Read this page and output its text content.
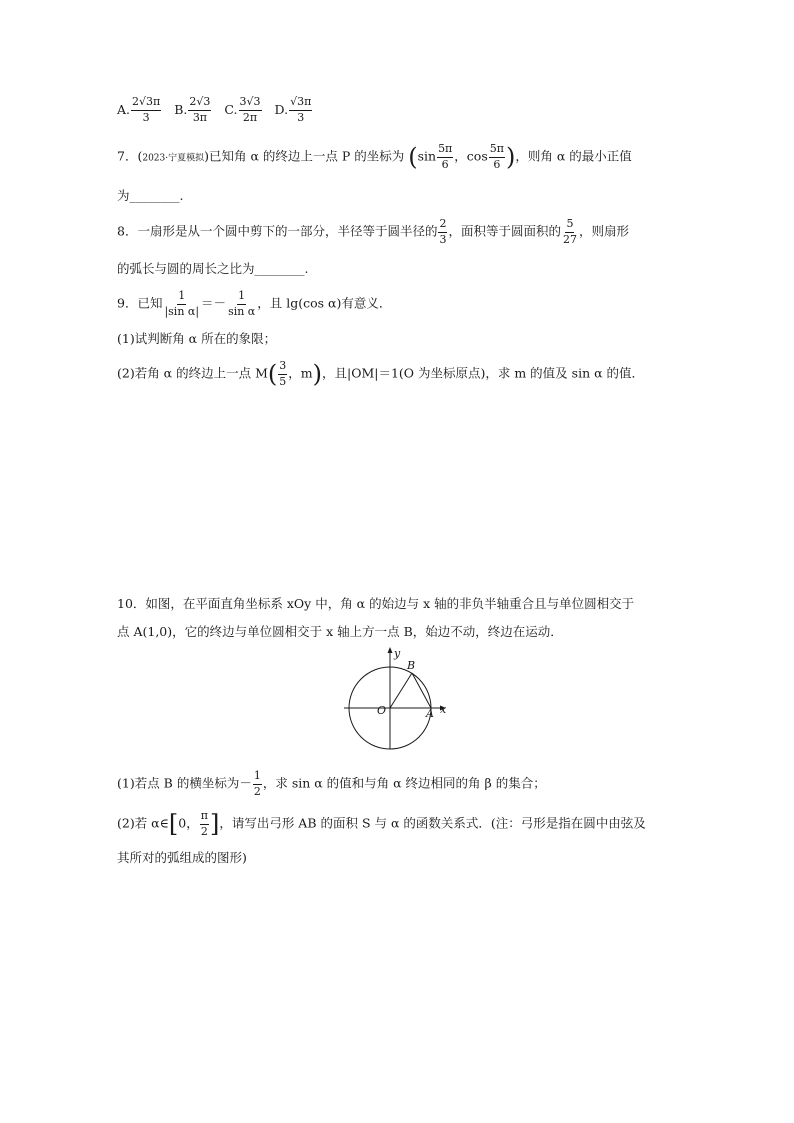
A. $\frac{2√3\pi}{3} B$. $\frac{2√3}{3\pi} C$. $\frac{3√3}{2\pi} D$. $\frac{√3\pi}{3}$
7．(2023·宁夏模拟)已知角 α 的终边上一点 P 的坐标为 ($\sin \frac{5\pi}{6}$ ，$\cos \frac{5\pi}{6}$ )，则角 α 的最小正值
为________.
8．一扇形是从一个圆中剪下的一部分，半径等于圆半径的 $\frac{2}{3}$ ，面积等于圆面积的 $\frac{5}{27}$ ，则扇形
的弧长与圆的周长之比为________.
9．已知 $\frac{1}{\text{|sin α|}} =- \frac{1}{\text{sin α}}$ ，且 lg(cos α)有意义．
(1)试判断角 α 所在的象限；
(2)若角 α 的终边上一点 $M( \frac{3}{5}$ ，m)，且|OM|＝1(O 为坐标原点)，求 m 的值及 sin α 的值．
10．如图，在平面直角坐标系 xOy 中，角 α 的始边与 x 轴的非负半轴重合且与单位圆相交于
点 A(1,0)，它的终边与单位圆相交于 x 轴上方一点 B，始边不动，终边在运动．
y
B
O	A x
(1)若点 B 的横坐标为－ $\frac{1}{2}$ ，求 sin α 的值和与角 α 终边相同的角 β 的集合；
(2)若 α∈[0， $\frac{\pi}{2}$ ]，请写出弓形 AB 的面积 S 与 α 的函数关系式．(注：弓形是指在圆中由弦及
其所对的弧组成的图形)
